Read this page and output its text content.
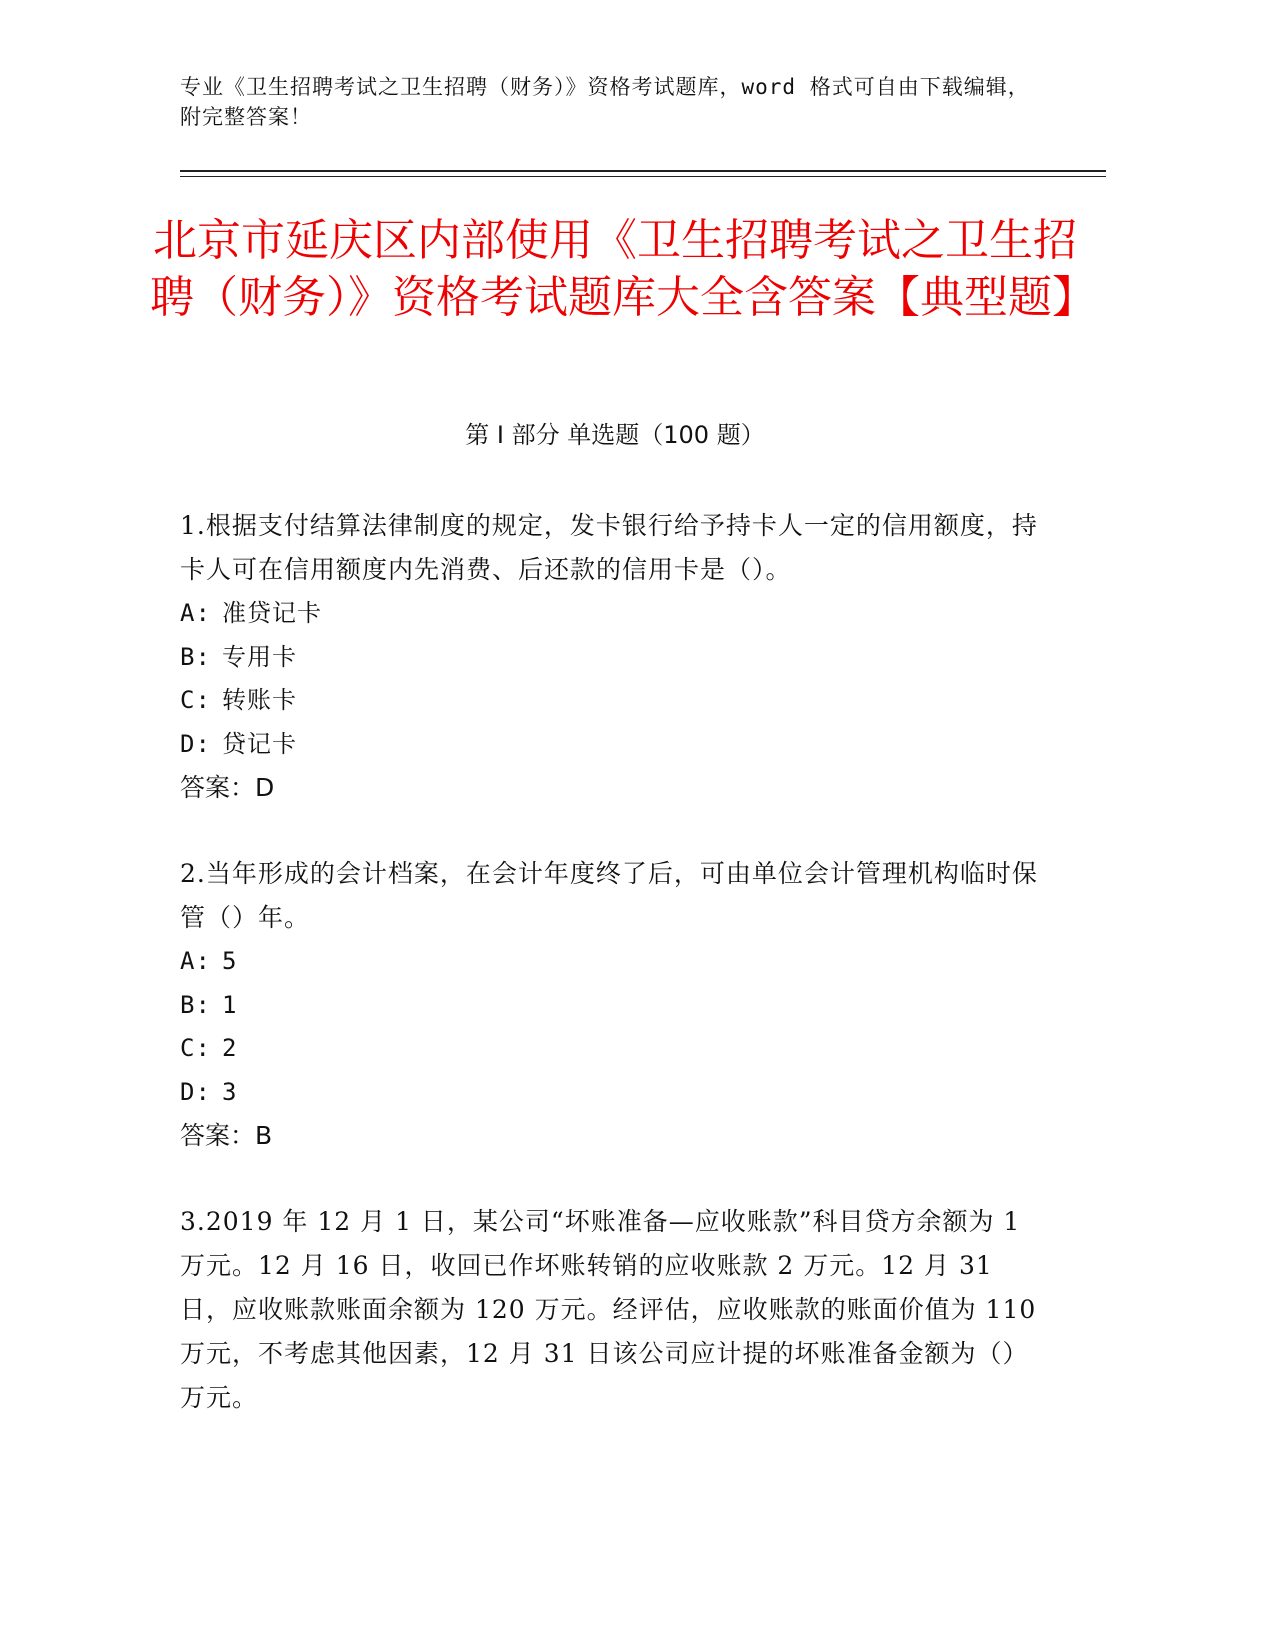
专业《卫生招聘考试之卫生招聘（财务）》资格考试题库，word 格式可自由下载编辑，附完整答案！
北京市延庆区内部使用《卫生招聘考试之卫生招聘（财务）》资格考试题库大全含答案【典型题】
第 I 部分 单选题（100 题）

1.根据支付结算法律制度的规定，发卡银行给予持卡人一定的信用额度，持卡人可在信用额度内先消费、后还款的信用卡是（）。

A: 准贷记卡

B: 专用卡

C: 转账卡

D: 贷记卡

答案：D

2.当年形成的会计档案，在会计年度终了后，可由单位会计管理机构临时保管（）年。

A: 5

B: 1

C: 2

D: 3

答案：B

3.2019 年 12 月 1 日，某公司“坏账准备—应收账款”科目贷方余额为 1 万元。12 月 16 日，收回已作坏账转销的应收账款 2 万元。12 月 31 日，应收账款账面余额为 120 万元。经评估，应收账款的账面价值为 110 万元，不考虑其他因素，12 月 31 日该公司应计提的坏账准备金额为（）万元。
